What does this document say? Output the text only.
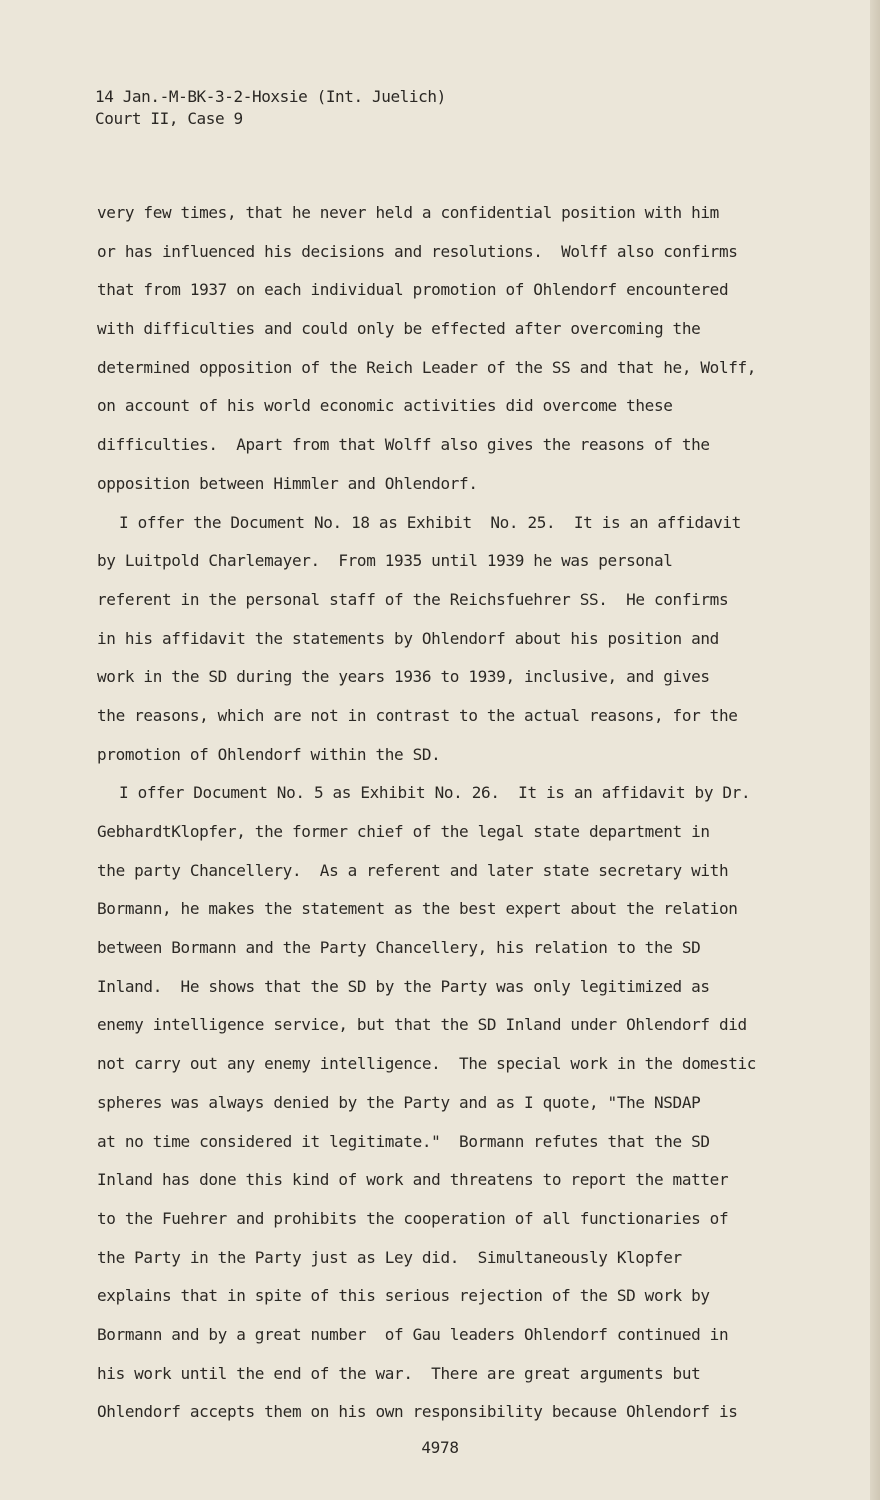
14 Jan.-M-BK-3-2-Hoxsie (Int. Juelich)
Court II, Case 9
very few times, that he never held a confidential position with him
or has influenced his decisions and resolutions.  Wolff also confirms
that from 1937 on each individual promotion of Ohlendorf encountered
with difficulties and could only be effected after overcoming the
determined opposition of the Reich Leader of the SS and that he, Wolff,
on account of his world economic activities did overcome these
difficulties.  Apart from that Wolff also gives the reasons of the
opposition between Himmler and Ohlendorf.
I offer the Document No. 18 as Exhibit  No. 25.  It is an affidavit
by Luitpold Charlemayer.  From 1935 until 1939 he was personal
referent in the personal staff of the Reichsfuehrer SS.  He confirms
in his affidavit the statements by Ohlendorf about his position and
work in the SD during the years 1936 to 1939, inclusive, and gives
the reasons, which are not in contrast to the actual reasons, for the
promotion of Ohlendorf within the SD.
I offer Document No. 5 as Exhibit No. 26.  It is an affidavit by Dr.
GebhardtKlopfer, the former chief of the legal state department in
the party Chancellery.  As a referent and later state secretary with
Bormann, he makes the statement as the best expert about the relation
between Bormann and the Party Chancellery, his relation to the SD
Inland.  He shows that the SD by the Party was only legitimized as
enemy intelligence service, but that the SD Inland under Ohlendorf did
not carry out any enemy intelligence.  The special work in the domestic
spheres was always denied by the Party and as I quote, "The NSDAP
at no time considered it legitimate."  Bormann refutes that the SD
Inland has done this kind of work and threatens to report the matter
to the Fuehrer and prohibits the cooperation of all functionaries of
the Party in the Party just as Ley did.  Simultaneously Klopfer
explains that in spite of this serious rejection of the SD work by
Bormann and by a great number  of Gau leaders Ohlendorf continued in
his work until the end of the war.  There are great arguments but
Ohlendorf accepts them on his own responsibility because Ohlendorf is
4978
